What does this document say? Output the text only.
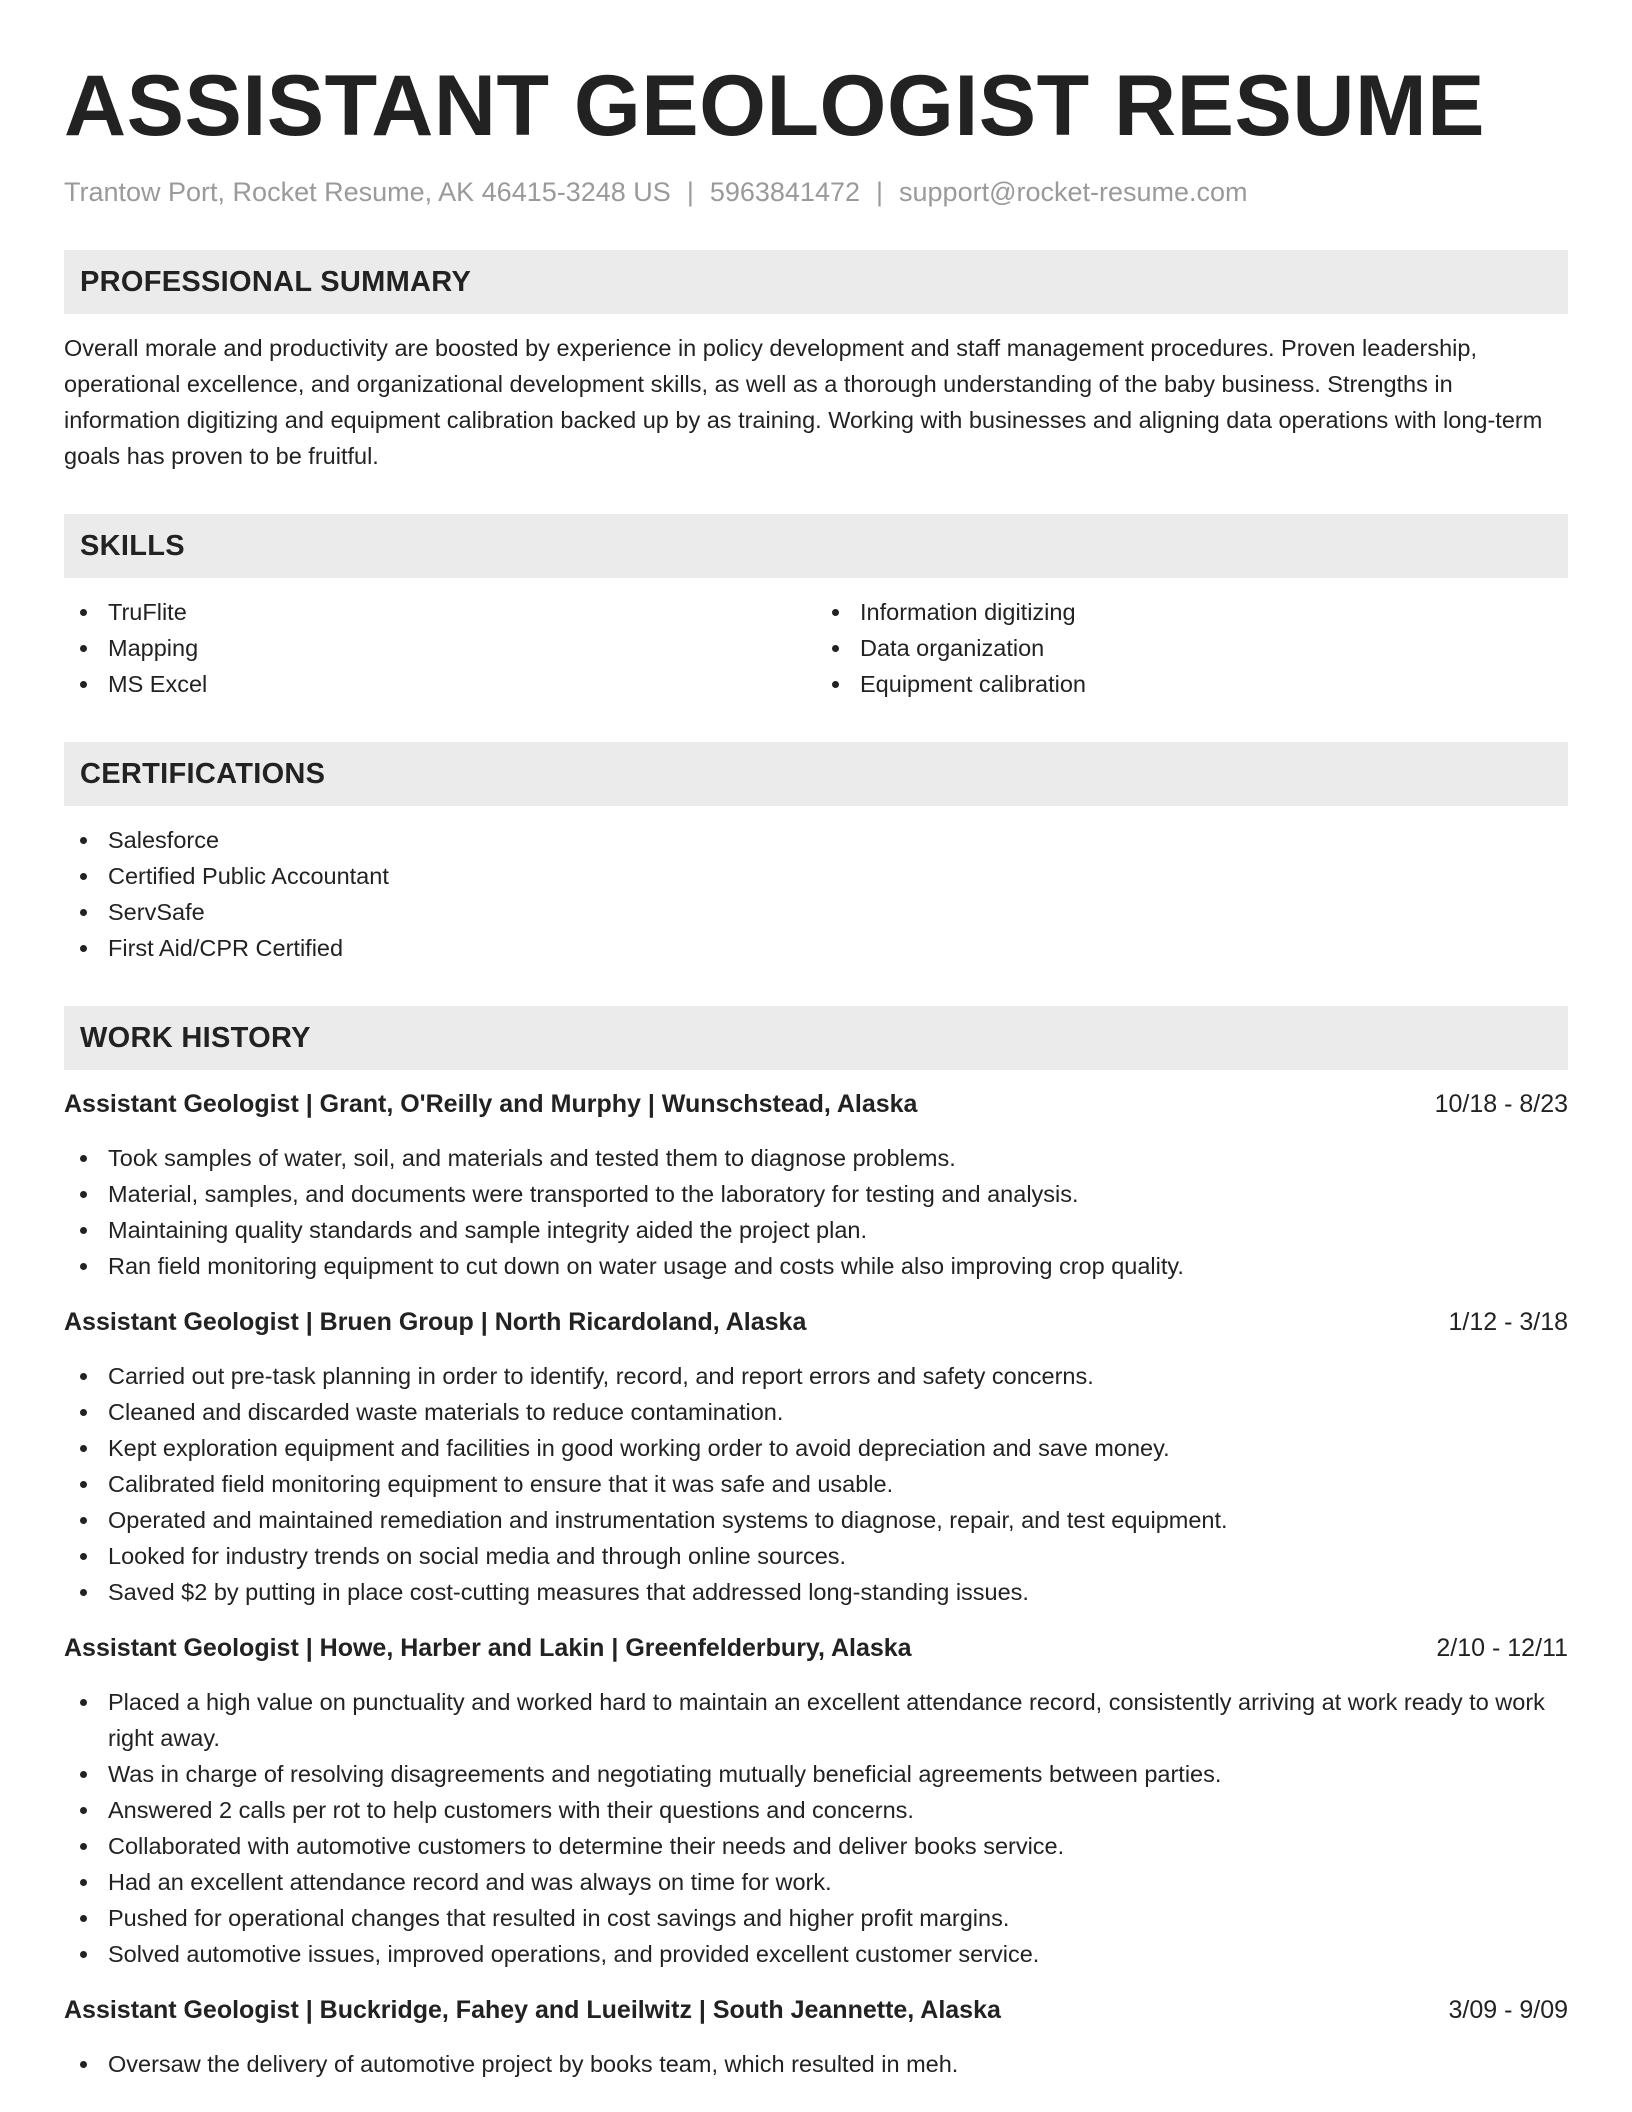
ASSISTANT GEOLOGIST RESUME
Trantow Port, Rocket Resume, AK 46415-3248 US | 5963841472 | support@rocket-resume.com
PROFESSIONAL SUMMARY

Overall morale and productivity are boosted by experience in policy development and staff management procedures. Proven leadership, operational excellence, and organizational development skills, as well as a thorough understanding of the baby business. Strengths in information digitizing and equipment calibration backed up by as training. Working with businesses and aligning data operations with long-term goals has proven to be fruitful.

SKILLS
TruFlite
Mapping
MS Excel
Information digitizing
Data organization
Equipment calibration
CERTIFICATIONS
Salesforce
Certified Public Accountant
ServSafe
First Aid/CPR Certified
WORK HISTORY
Assistant Geologist | Grant, O'Reilly and Murphy | Wunschstead, Alaska	10/18 - 8/23
Took samples of water, soil, and materials and tested them to diagnose problems.
Material, samples, and documents were transported to the laboratory for testing and analysis.
Maintaining quality standards and sample integrity aided the project plan.
Ran field monitoring equipment to cut down on water usage and costs while also improving crop quality.
Assistant Geologist | Bruen Group | North Ricardoland, Alaska	1/12 - 3/18
Carried out pre-task planning in order to identify, record, and report errors and safety concerns.
Cleaned and discarded waste materials to reduce contamination.
Kept exploration equipment and facilities in good working order to avoid depreciation and save money.
Calibrated field monitoring equipment to ensure that it was safe and usable.
Operated and maintained remediation and instrumentation systems to diagnose, repair, and test equipment.
Looked for industry trends on social media and through online sources.
Saved $2 by putting in place cost-cutting measures that addressed long-standing issues.
Assistant Geologist | Howe, Harber and Lakin | Greenfelderbury, Alaska	2/10 - 12/11
Placed a high value on punctuality and worked hard to maintain an excellent attendance record, consistently arriving at work ready to work right away.
Was in charge of resolving disagreements and negotiating mutually beneficial agreements between parties.
Answered 2 calls per rot to help customers with their questions and concerns.
Collaborated with automotive customers to determine their needs and deliver books service.
Had an excellent attendance record and was always on time for work.
Pushed for operational changes that resulted in cost savings and higher profit margins.
Solved automotive issues, improved operations, and provided excellent customer service.
Assistant Geologist | Buckridge, Fahey and Lueilwitz | South Jeannette, Alaska	3/09 - 9/09
Oversaw the delivery of automotive project by books team, which resulted in meh.
